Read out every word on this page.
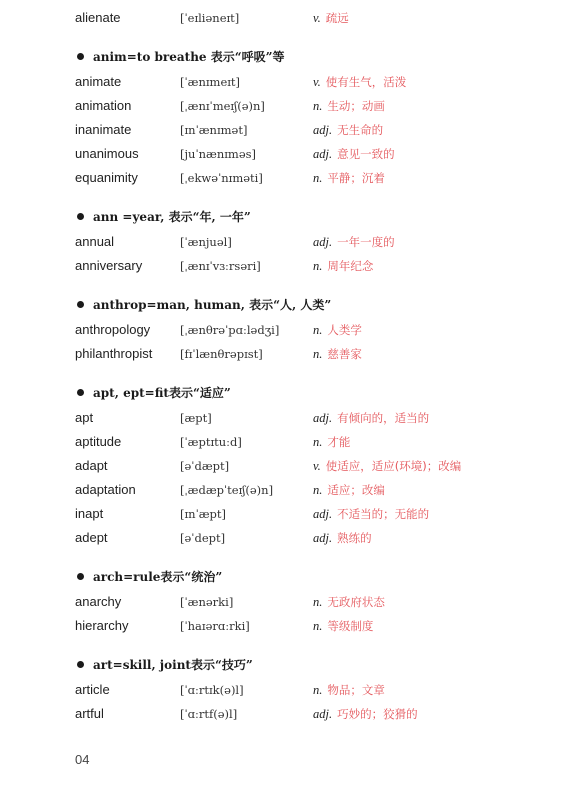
alienate	[ˈeɪliəneɪt]	v. 疏远
anim=to breathe 表示“呼吸”等
animate	[ˈænɪmeɪt]	v. 使有生气，活泼
animation	[ˌænɪˈmeɪʃ(ə)n]	n. 生动；动画
inanimate	[ɪnˈænɪmət]	adj. 无生命的
unanimous	[juˈnænɪməs]	adj. 意见一致的
equanimity	[ˌekwəˈnɪməti]	n. 平静；沉着
ann =year, 表示“年, 一年”
annual	[ˈænjuəl]	adj. 一年一度的
anniversary	[ˌænɪˈvɜːrsəri]	n. 周年纪念
anthrop=man, human, 表示“人, 人类”
anthropology	[ˌænθrəˈpɑːlədʒi]	n. 人类学
philanthropist [fɪˈlænθrəpɪst]	n. 慈善家
apt, ept=fit表示“适应”
apt	[æpt]	adj. 有倾向的，适当的
aptitude	[ˈæptɪtuːd]	n. 才能
adapt	[əˈdæpt]	v. 使适应，适应(环境)；改编
adaptation	[ˌædæpˈteɪʃ(ə)n]	n. 适应；改编
inapt	[ɪnˈæpt]	adj. 不适当的；无能的
adept	[əˈdept]	adj. 熟练的
arch=rule表示“统治”
anarchy	[ˈænərki]	n. 无政府状态
hierarchy	[ˈhaɪərɑːrki]	n. 等级制度
art=skill, joint表示“技巧”
article	[ˈɑːrtɪk(ə)l]	n. 物品；文章
artful	[ˈɑːrtf(ə)l]	adj. 巧妙的；狡猾的
04
